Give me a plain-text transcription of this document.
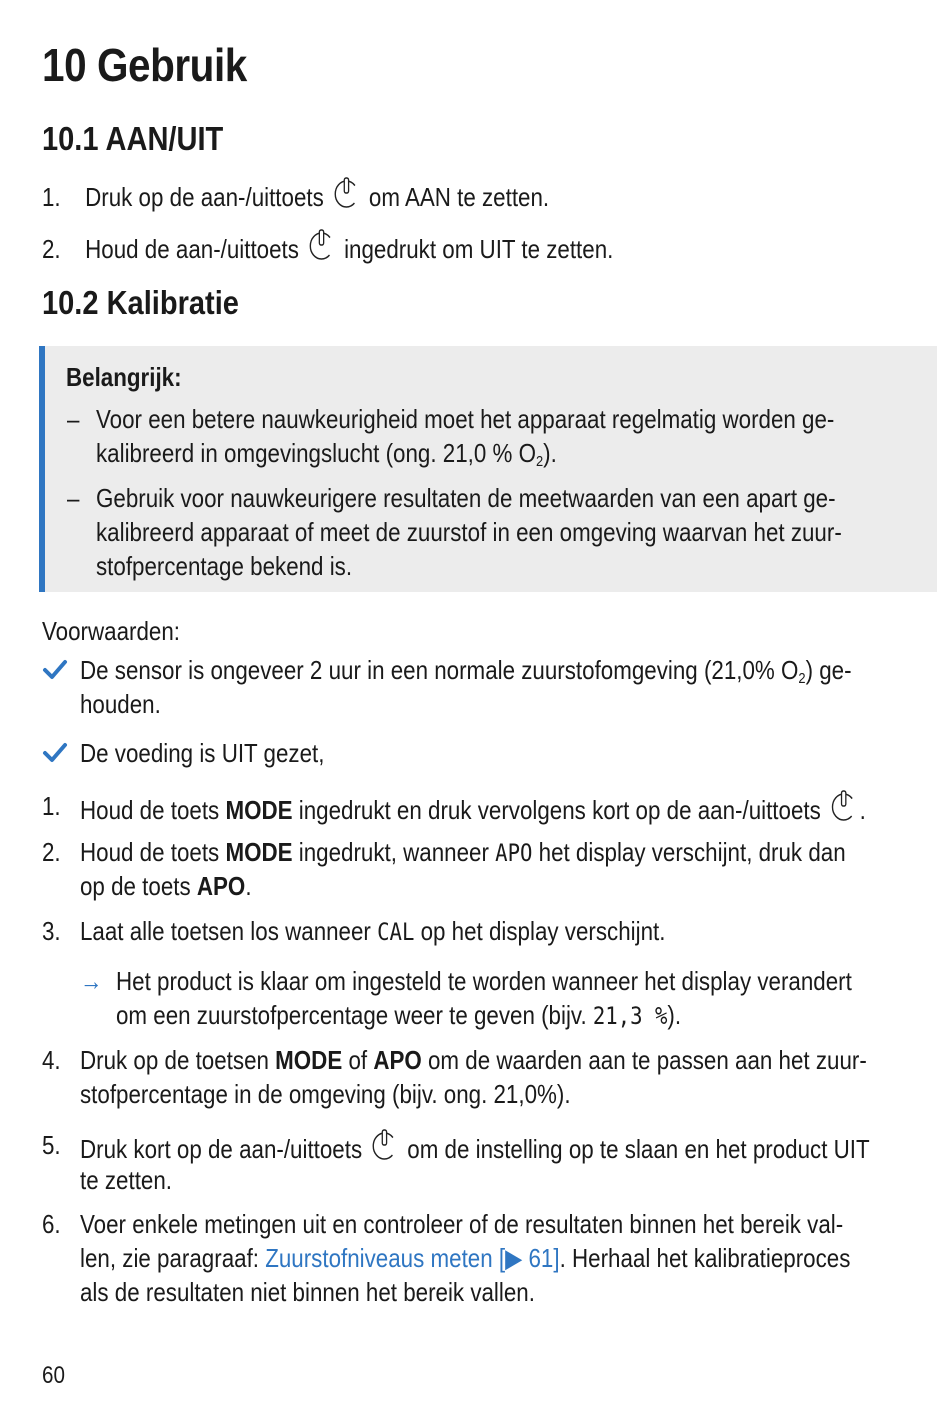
10 Gebruik
10.1 AAN/UIT
1. Druk op de aan-/uittoets om AAN te zetten.
2. Houd de aan-/uittoets ingedrukt om UIT te zetten.
10.2 Kalibratie
Belangrijk:
– Voor een betere nauwkeurigheid moet het apparaat regelmatig worden ge-
kalibreerd in omgevingslucht (ong. 21,0 % $O_2$).
– Gebruik voor nauwkeurigere resultaten de meetwaarden van een apart ge-
kalibreerd apparaat of meet de zuurstof in een omgeving waarvan het zuur-
stofpercentage bekend is.
Voorwaarden:
De sensor is ongeveer 2 uur in een normale zuurstofomgeving (21,0% $O_2$) ge-
houden.
De voeding is UIT gezet,
1. Houd de toets MODE ingedrukt en druk vervolgens kort op de aan-/uittoets .
2. Houd de toets MODE ingedrukt, wanneer APO het display verschijnt, druk dan
op de toets APO.
3. Laat alle toetsen los wanneer CAL op het display verschijnt.
→ Het product is klaar om ingesteld te worden wanneer het display verandert
om een zuurstofpercentage weer te geven (bijv. 21,3 %).
4. Druk op de toetsen MODE of APO om de waarden aan te passen aan het zuur-
stofpercentage in de omgeving (bijv. ong. 21,0%).
5. Druk kort op de aan-/uittoets om de instelling op te slaan en het product UIT
te zetten.
6. Voer enkele metingen uit en controleer of de resultaten binnen het bereik val-
len, zie paragraaf: Zuurstofniveaus meten [▶ 61]. Herhaal het kalibratieproces
als de resultaten niet binnen het bereik vallen.
60
